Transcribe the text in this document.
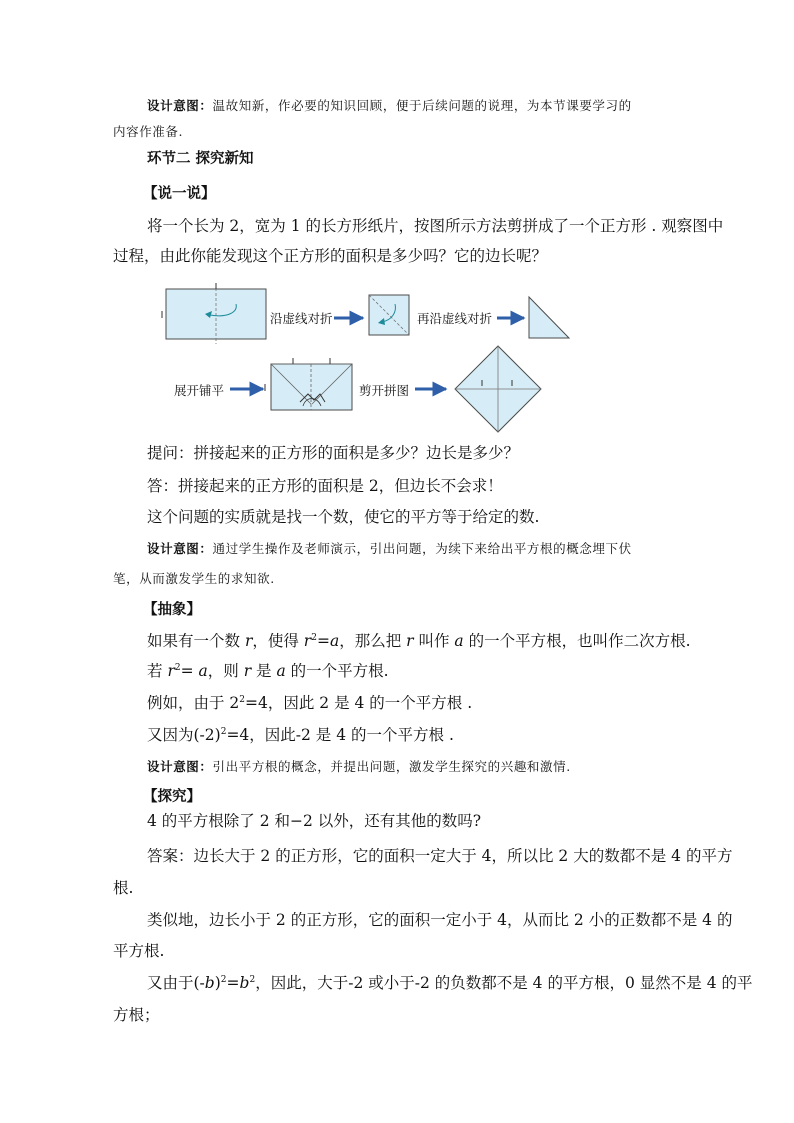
设计意图：温故知新，作必要的知识回顾，便于后续问题的说理，为本节课要学习的
内容作准备.
环节二 探究新知
【说一说】
将一个长为 2，宽为 1 的长方形纸片，按图所示方法剪拼成了一个正方形 . 观察图中
过程，由此你能发现这个正方形的面积是多少吗？它的边长呢？
沿虚线对折	再沿虚线对折
展开铺平	剪开拼图
提问：拼接起来的正方形的面积是多少？边长是多少？
答：拼接起来的正方形的面积是 2，但边长不会求！
这个问题的实质就是找一个数，使它的平方等于给定的数.
设计意图：通过学生操作及老师演示，引出问题，为续下来给出平方根的概念埋下伏
笔，从而激发学生的求知欲.
【抽象】
如果有一个数 r，使得 $r^2=a$，那么把 r 叫作 a 的一个平方根，也叫作二次方根.
若 $r^2= a$，则 r 是 a 的一个平方根.
例如，由于 $2^2=4$，因此 2 是 4 的一个平方根 .
又因为$(-2)^2=4$，因此-2 是 4 的一个平方根 .
设计意图：引出平方根的概念，并提出问题，激发学生探究的兴趣和激情.
【探究】
4 的平方根除了 2 和−2 以外，还有其他的数吗?
答案：边长大于 2 的正方形，它的面积一定大于 4，所以比 2 大的数都不是 4 的平方
根.
类似地，边长小于 2 的正方形，它的面积一定小于 4，从而比 2 小的正数都不是 4 的
平方根.
又由于$(-b)^2=b^2$，因此，大于-2 或小于-2 的负数都不是 4 的平方根，0 显然不是 4 的平
方根；
